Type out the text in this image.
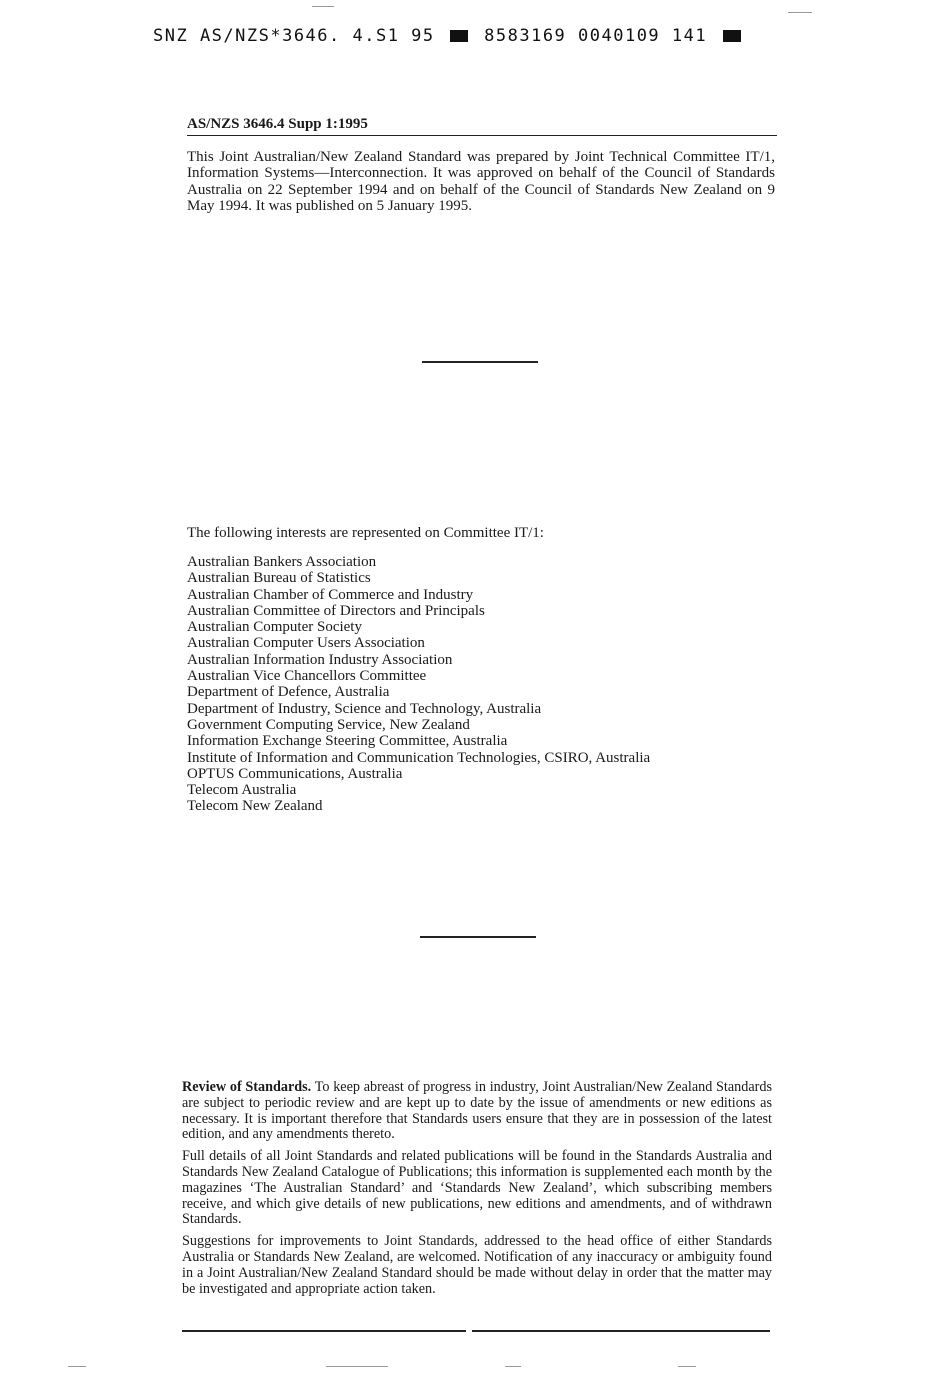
SNZ AS/NZS*3646. 4.S1 95	8583169 0040109 141
AS/NZS 3646.4 Supp 1:1995

This Joint Australian/New Zealand Standard was prepared by Joint Technical Committee IT/1, Information Systems—Interconnection. It was approved on behalf of the Council of Standards Australia on 22 September 1994 and on behalf of the Council of Standards New Zealand on 9 May 1994. It was published on 5 January 1995.

The following interests are represented on Committee IT/1:

Australian Bankers Association
Australian Bureau of Statistics
Australian Chamber of Commerce and Industry
Australian Committee of Directors and Principals
Australian Computer Society
Australian Computer Users Association
Australian Information Industry Association
Australian Vice Chancellors Committee
Department of Defence, Australia
Department of Industry, Science and Technology, Australia
Government Computing Service, New Zealand
Information Exchange Steering Committee, Australia
Institute of Information and Communication Technologies, CSIRO, Australia
OPTUS Communications, Australia
Telecom Australia
Telecom New Zealand

Review of Standards. To keep abreast of progress in industry, Joint Australian/New Zealand Standards are subject to periodic review and are kept up to date by the issue of amendments or new editions as necessary. It is important therefore that Standards users ensure that they are in possession of the latest edition, and any amendments thereto.

Full details of all Joint Standards and related publications will be found in the Standards Australia and Standards New Zealand Catalogue of Publications; this information is supplemented each month by the magazines ‘The Australian Standard’ and ‘Standards New Zealand’, which subscribing members receive, and which give details of new publications, new editions and amendments, and of withdrawn Standards.

Suggestions for improvements to Joint Standards, addressed to the head office of either Standards Australia or Standards New Zealand, are welcomed. Notification of any inaccuracy or ambiguity found in a Joint Australian/New Zealand Standard should be made without delay in order that the matter may be investigated and appropriate action taken.
